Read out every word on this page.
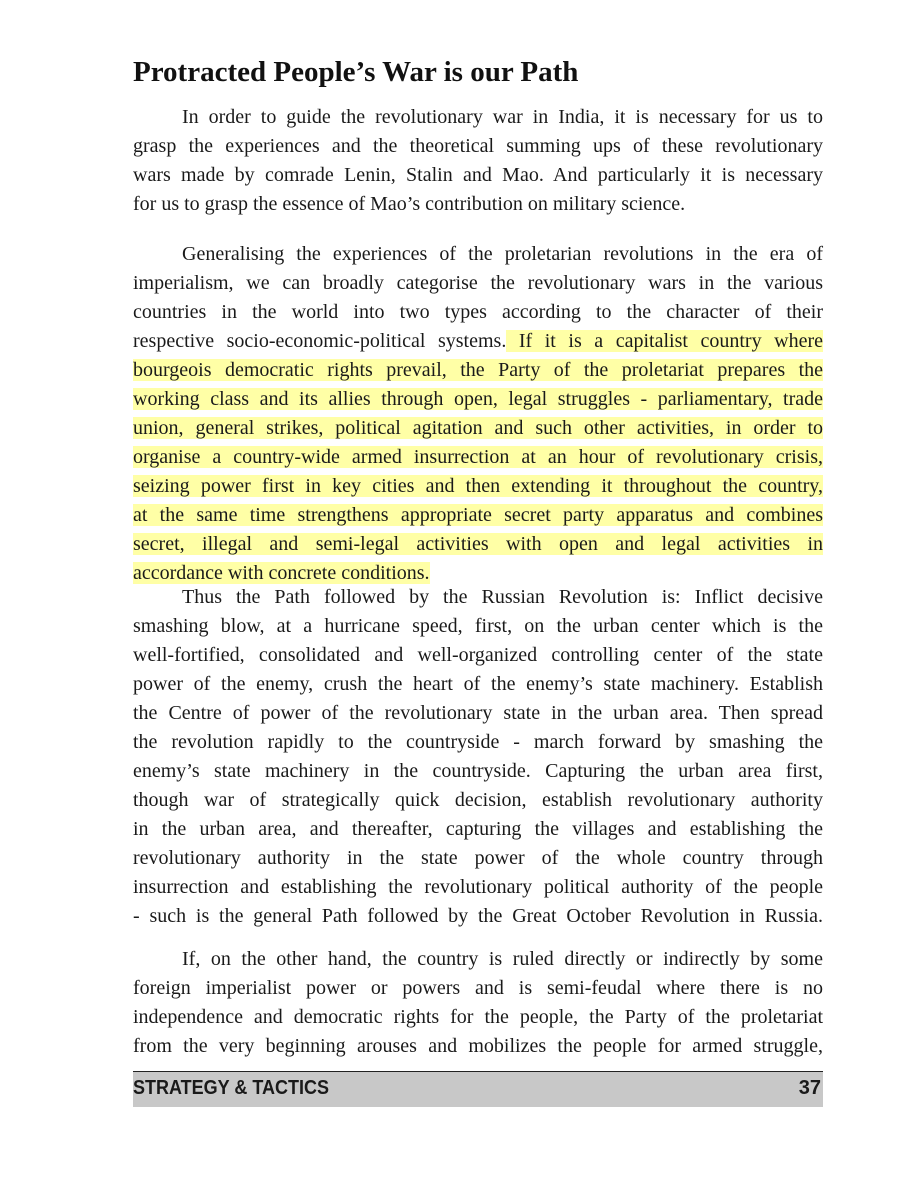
Protracted People’s War is our Path
In order to guide the revolutionary war in India, it is necessary for us to
grasp the experiences and the theoretical summing ups of these revolutionary
wars made by comrade Lenin, Stalin and Mao. And particularly it is necessary
for us to grasp the essence of Mao’s contribution on military science.
Generalising the experiences of the proletarian revolutions in the era of
imperialism, we can broadly categorise the revolutionary wars in the various
countries in the world into two types according to the character of their
respective socio-economic-political systems. If it is a capitalist country where
bourgeois democratic rights prevail, the Party of the proletariat prepares the
working class and its allies through open, legal struggles - parliamentary, trade
union, general strikes, political agitation and such other activities, in order to
organise a country-wide armed insurrection at an hour of revolutionary crisis,
seizing power first in key cities and then extending it throughout the country,
at the same time strengthens appropriate secret party apparatus and combines
secret, illegal and semi-legal activities with open and legal activities in
accordance with concrete conditions.
Thus the Path followed by the Russian Revolution is: Inflict decisive
smashing blow, at a hurricane speed, first, on the urban center which is the
well-fortified, consolidated and well-organized controlling center of the state
power of the enemy, crush the heart of the enemy’s state machinery. Establish
the Centre of power of the revolutionary state in the urban area. Then spread
the revolution rapidly to the countryside - march forward by smashing the
enemy’s state machinery in the countryside. Capturing the urban area first,
though war of strategically quick decision, establish revolutionary authority
in the urban area, and thereafter, capturing the villages and establishing the
revolutionary authority in the state power of the whole country through
insurrection and establishing the revolutionary political authority of the people
- such is the general Path followed by the Great October Revolution in Russia.
If, on the other hand, the country is ruled directly or indirectly by some
foreign imperialist power or powers and is semi-feudal where there is no
independence and democratic rights for the people, the Party of the proletariat
from the very beginning arouses and mobilizes the people for armed struggle,
STRATEGY & TACTICS	37
